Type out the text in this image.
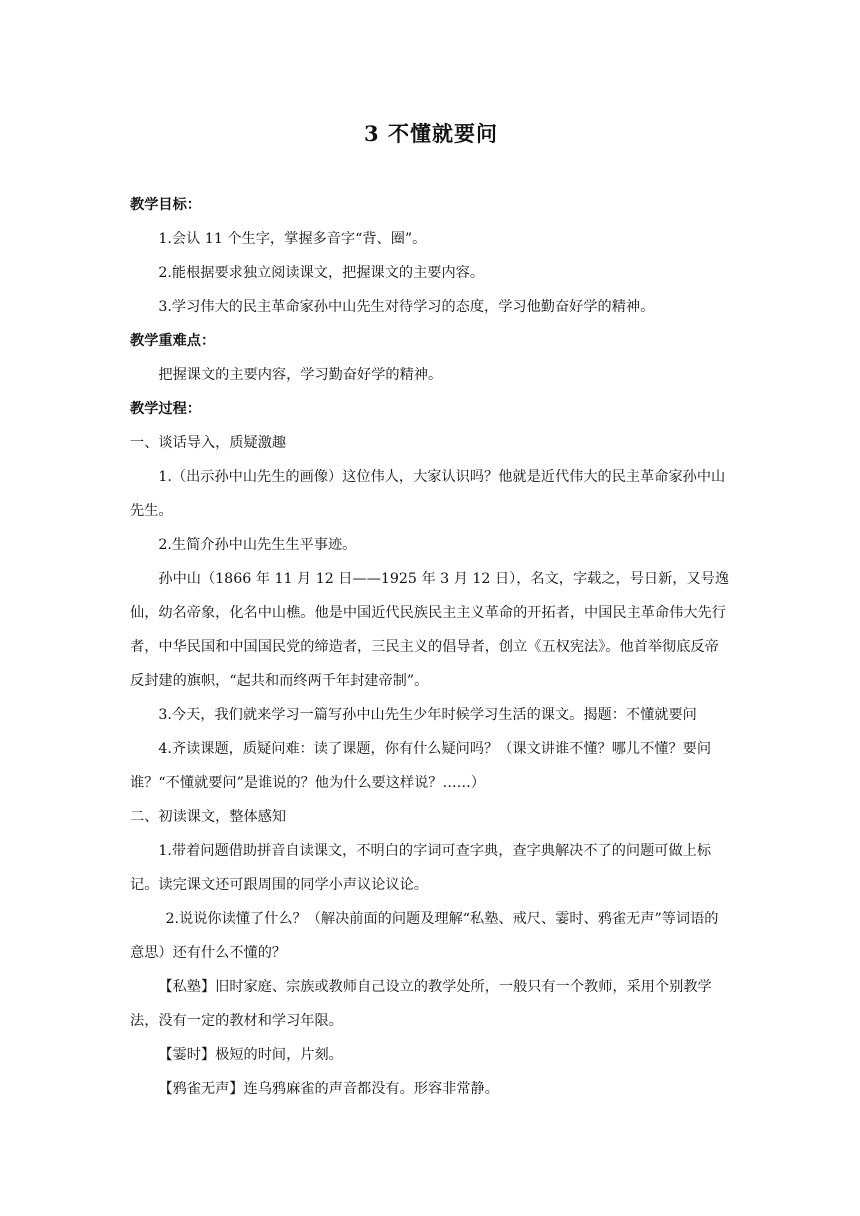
3 不懂就要问

教学目标：

1.会认 11 个生字，掌握多音字“背、圈”。

2.能根据要求独立阅读课文，把握课文的主要内容。

3.学习伟大的民主革命家孙中山先生对待学习的态度，学习他勤奋好学的精神。

教学重难点：

把握课文的主要内容，学习勤奋好学的精神。

教学过程：

一、谈话导入，质疑激趣

1.（出示孙中山先生的画像）这位伟人，大家认识吗？他就是近代伟大的民主革命家孙中山先生。

2.生简介孙中山先生生平事迹。

孙中山（1866 年 11 月 12 日——1925 年 3 月 12 日），名文，字载之，号日新，又号逸仙，幼名帝象，化名中山樵。他是中国近代民族民主主义革命的开拓者，中国民主革命伟大先行者，中华民国和中国国民党的缔造者，三民主义的倡导者，创立《五权宪法》。他首举彻底反帝反封建的旗帜，“起共和而终两千年封建帝制”。

3.今天，我们就来学习一篇写孙中山先生少年时候学习生活的课文。揭题：不懂就要问

4.齐读课题，质疑问难：读了课题，你有什么疑问吗？（课文讲谁不懂？哪儿不懂？要问谁？“不懂就要问”是谁说的？他为什么要这样说？……）

二、初读课文，整体感知

1.带着问题借助拼音自读课文，不明白的字词可查字典，查字典解决不了的问题可做上标记。读完课文还可跟周围的同学小声议论议论。

2.说说你读懂了什么？（解决前面的问题及理解“私塾、戒尺、霎时、鸦雀无声”等词语的意思）还有什么不懂的？

【私塾】旧时家庭、宗族或教师自己设立的教学处所，一般只有一个教师，采用个别教学法，没有一定的教材和学习年限。

【霎时】极短的时间，片刻。

【鸦雀无声】连乌鸦麻雀的声音都没有。形容非常静。
